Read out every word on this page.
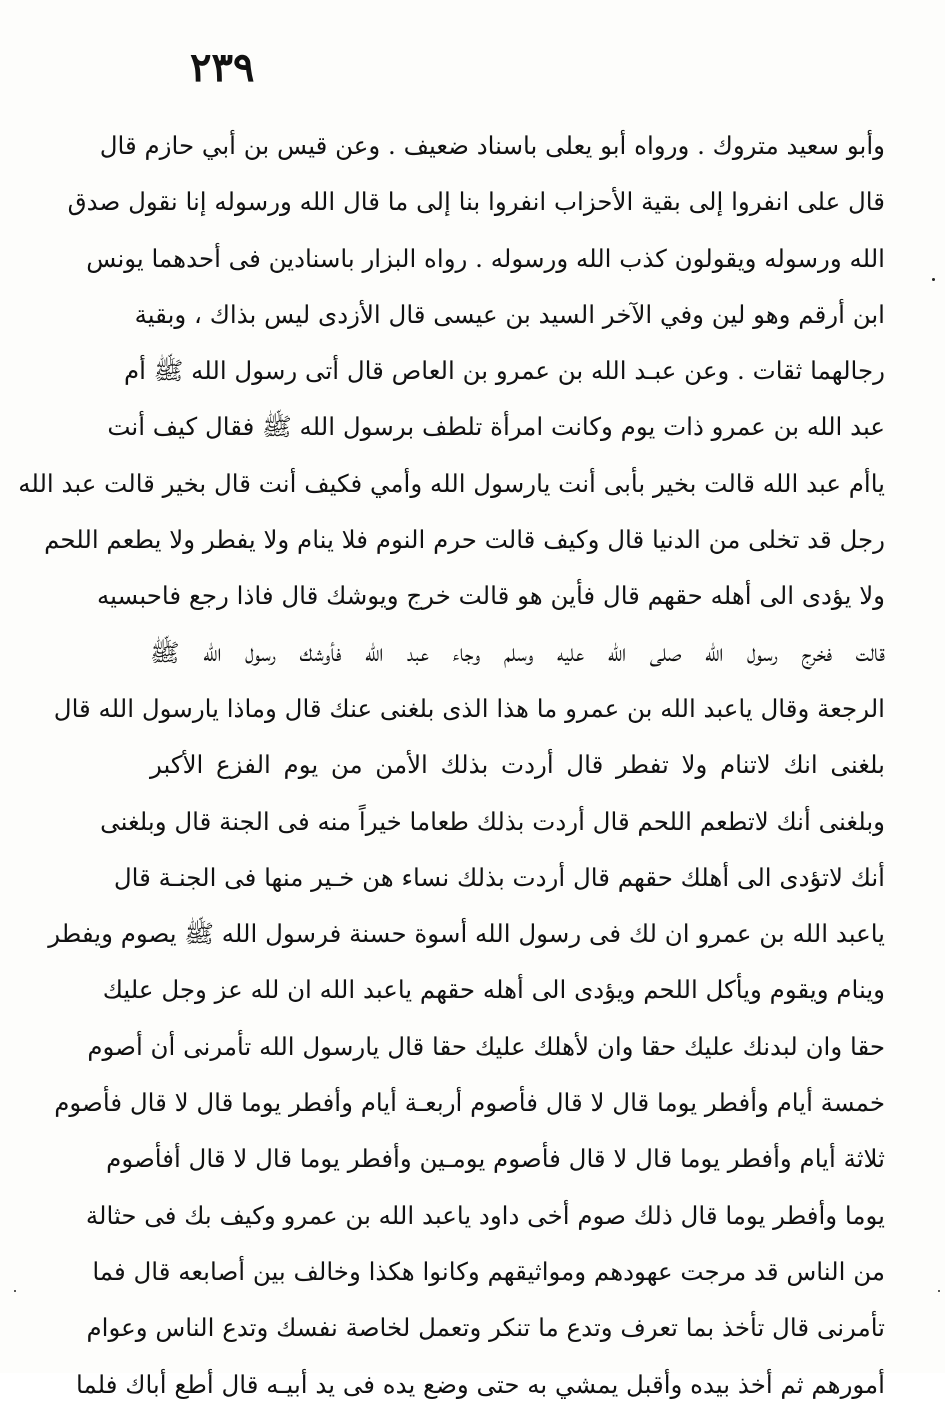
٢٣٩
وأبو سعيد متروك . ورواه أبو يعلى باسناد ضعيف . وعن قيس بن أبي حازم قال
قال على انفروا إلى بقية الأحزاب انفروا بنا إلى ما قال الله ورسوله إنا نقول صدق
الله ورسوله ويقولون كذب الله ورسوله . رواه البزار باسنادين فى أحدهما يونس
ابن أرقم وهو لين وفي الآخر السيد بن عيسى قال الأزدى ليس بذاك ، وبقية
رجالهما ثقات . وعن عبـد الله بن عمرو بن العاص قال أتى رسول الله ﷺ أم
عبد الله بن عمرو ذات يوم وكانت امرأة تلطف برسول الله ﷺ فقال كيف أنت
ياأم عبد الله قالت بخير بأبى أنت يارسول الله وأمي فكيف أنت قال بخير قالت عبد الله
رجل قد تخلى من الدنيا قال وكيف قالت حرم النوم فلا ينام ولا يفطر ولا يطعم اللحم
ولا يؤدى الى أهله حقهم قال فأين هو قالت خرج ويوشك قال فاذا رجع فاحبسيه
قالت فخرج رسول الله صلى الله عليه وسلم وجاء عبد الله فأوشك رسول الله ﷺ
الرجعة وقال ياعبد الله بن عمرو ما هذا الذى بلغنى عنك قال وماذا يارسول الله قال
بلغنى انك لاتنام ولا تفطر قال أردت بذلك الأمن من يوم الفزع الأكبر
وبلغنى أنك لاتطعم اللحم قال أردت بذلك طعاما خيراً منه فى الجنة قال وبلغنى
أنك لاتؤدى الى أهلك حقهم قال أردت بذلك نساء هن خـير منها فى الجنـة قال
ياعبد الله بن عمرو ان لك فى رسول الله أسوة حسنة فرسول الله ﷺ يصوم ويفطر
وينام ويقوم ويأكل اللحم ويؤدى الى أهله حقهم ياعبد الله ان لله عز وجل عليك
حقا وان لبدنك عليك حقا وان لأهلك عليك حقا قال يارسول الله تأمرنى أن أصوم
خمسة أيام وأفطر يوما قال لا قال فأصوم أربعـة أيام وأفطر يوما قال لا قال فأصوم
ثلاثة أيام وأفطر يوما قال لا قال فأصوم يومـين وأفطر يوما قال لا قال أفأصوم
يوما وأفطر يوما قال ذلك صوم أخى داود ياعبد الله بن عمرو وكيف بك فى حثالة
من الناس قد مرجت عهودهم ومواثيقهم وكانوا هكذا وخالف بين أصابعه قال فما
تأمرنى قال تأخذ بما تعرف وتدع ما تنكر وتعمل لخاصة نفسك وتدع الناس وعوام
أمورهم ثم أخذ بيده وأقبل يمشي به حتى وضع يده فى يد أبيـه قال أطع أباك فلما
